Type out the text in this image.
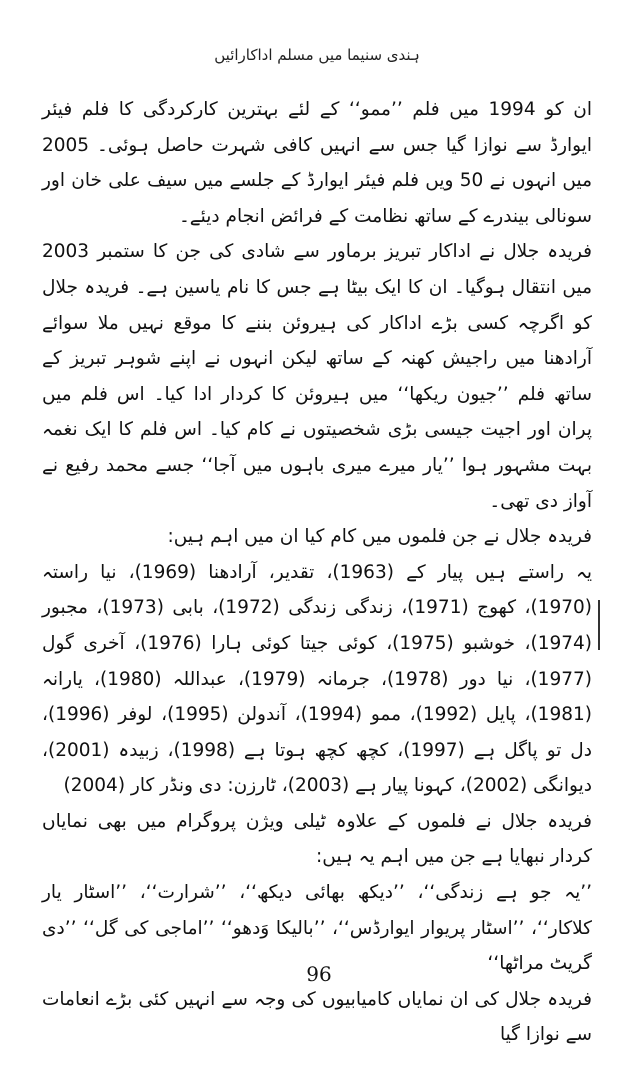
ہندی سنیما میں مسلم اداکارائیں

ان کو 1994 میں فلم ’’ممو‘‘ کے لئے بہترین کارکردگی کا فلم فیئر ایوارڈ سے نوازا گیا جس سے انہیں کافی شہرت حاصل ہوئی۔ 2005 میں انہوں نے 50 ویں فلم فیئر ایوارڈ کے جلسے میں سیف علی خان اور سونالی بیندرے کے ساتھ نظامت کے فرائض انجام دیئے۔

فریدہ جلال نے اداکار تبریز برماور سے شادی کی جن کا ستمبر 2003 میں انتقال ہوگیا۔ ان کا ایک بیٹا ہے جس کا نام یاسین ہے۔ فریدہ جلال کو اگرچہ کسی بڑے اداکار کی ہیروئن بننے کا موقع نہیں ملا سوائے آرادھنا میں راجیش کھنہ کے ساتھ لیکن انہوں نے اپنے شوہر تبریز کے ساتھ فلم ’’جیون ریکھا‘‘ میں ہیروئن کا کردار ادا کیا۔ اس فلم میں پران اور اجیت جیسی بڑی شخصیتوں نے کام کیا۔ اس فلم کا ایک نغمہ بہت مشہور ہوا ’’یار میرے میری باہوں میں آجا‘‘ جسے محمد رفیع نے آواز دی تھی۔

فریدہ جلال نے جن فلموں میں کام کیا ان میں اہم ہیں:

یہ راستے ہیں پیار کے (1963)، تقدیر، آرادھنا (1969)، نیا راستہ (1970)، کھوج (1971)، زندگی زندگی (1972)، بابی (1973)، مجبور (1974)، خوشبو (1975)، کوئی جیتا کوئی ہارا (1976)، آخری گول (1977)، نیا دور (1978)، جرمانہ (1979)، عبداللہ (1980)، یارانہ (1981)، پایل (1992)، ممو (1994)، آندولن (1995)، لوفر (1996)، دل تو پاگل ہے (1997)، کچھ کچھ ہوتا ہے (1998)، زبیدہ (2001)، دیوانگی (2002)، کہونا پیار ہے (2003)، ٹارزن: دی ونڈر کار (2004)

فریدہ جلال نے فلموں کے علاوہ ٹیلی ویژن پروگرام میں بھی نمایاں کردار نبھایا ہے جن میں اہم یہ ہیں:

’’یہ جو ہے زندگی‘‘، ’’دیکھ بھائی دیکھ‘‘، ’’شرارت‘‘، ’’اسٹار یار کلاکار‘‘، ’’اسٹار پریوار ایوارڈس‘‘، ’’بالیکا وَدھو‘‘ ’’اماجی کی گل‘‘ ’’دی گریٹ مراٹھا‘‘

فریدہ جلال کی ان نمایاں کامیابیوں کی وجہ سے انہیں کئی بڑے انعامات سے نوازا گیا

96
